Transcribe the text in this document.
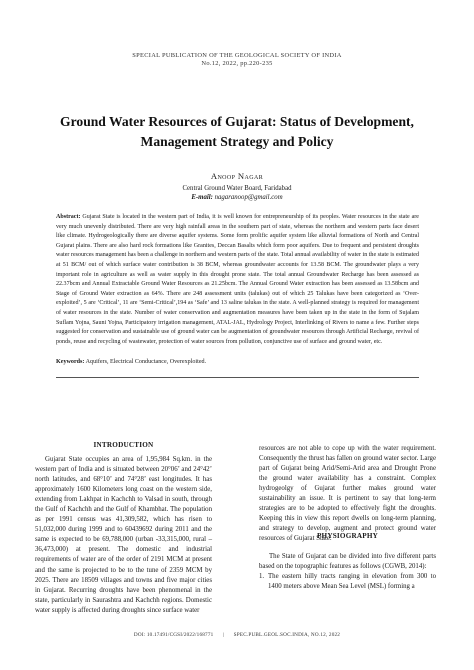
SPECIAL PUBLICATION OF THE GEOLOGICAL SOCIETY OF INDIA
No.12, 2022, pp.220-235
Ground Water Resources of Gujarat: Status of Development, Management Strategy and Policy
Anoop Nagar
Central Ground Water Board, Faridabad
E-mail: nagaranoop@gmail.com
Abstract: Gujarat State is located in the western part of India, it is well known for entrepreneurship of its peoples. Water resources in the state are very much unevenly distributed. There are very high rainfall areas in the southern part of state, whereas the northern and western parts face desert like climate. Hydrogeologically there are diverse aquifer systems. Some form prolific aquifer system like alluvial formations of North and Central Gujarat plains. There are also hard rock formations like Granites, Deccan Basalts which form poor aquifers. Due to frequent and persistent droughts water resources management has been a challenge in northern and western parts of the state. Total annual availability of water in the state is estimated at 51 BCM/ out of which surface water contribution is 38 BCM, whereas groundwater accounts for 13.58 BCM. The groundwater plays a very important role in agriculture as well as water supply in this drought prone state. The total annual Groundwater Recharge has been assessed as 22.37bcm and Annual Extractable Ground Water Resources as 21.25bcm. The Annual Ground Water extraction has been assessed as 13.58bcm and Stage of Ground Water extraction as 64%. There are 248 assessment units (talukas) out of which 25 Talukas have been categorized as ‘Over- exploited’, 5 are ‘Critical’, 11 are ‘Semi-Critical’,194 as ‘Safe’ and 13 saline talukas in the state. A well-planned strategy is required for management of water resources in the state. Number of water conservation and augmentation measures have been taken up in the state in the form of Sujalam Suflam Yojna, Sauni Yojna, Participatory irrigation management, ATAL-JAL, Hydrology Project, Interlinking of Rivers to name a few. Further steps suggested for conservation and sustainable use of ground water can be augmentation of groundwater resources through Artificial Recharge, revival of ponds, reuse and recycling of wastewater, protection of water sources from pollution, conjunctive use of surface and ground water, etc.
Keywords: Aquifers, Electrical Conductance, Overexploited.
INTRODUCTION
Gujarat State occupies an area of 1,95,984 Sq.km. in the western part of India and is situated between 20°06’ and 24°42’ north latitudes, and 68°10’ and 74°28’ east longitudes. It has approximately 1600 Kilometers long coast on the western side, extending from Lakhpat in Kachchh to Valsad in south, through the Gulf of Kachchh and the Gulf of Khambhat. The population as per 1991 census was 41,309,582, which has risen to 51,032,000 during 1999 and to 60439692 during 2011 and the same is expected to be 69,788,000 (urban -33,315,000, rural – 36,473,000) at present. The domestic and industrial requirements of water are of the order of 2191 MCM at present and the same is projected to be to the tune of 2359 MCM by 2025. There are 18509 villages and towns and five major cities in Gujarat. Recurring droughts have been phenomenal in the state, particularly in Saurashtra and Kachchh regions. Domestic water supply is affected during droughts since surface water
resources are not able to cope up with the water requirement. Consequently the thrust has fallen on ground water sector. Large part of Gujarat being Arid/Semi-Arid area and Drought Prone the ground water availability has a constraint. Complex hydrogeolgy of Gujarat further makes ground water sustainability an issue. It is pertinent to say that long-term strategies are to be adopted to effectively fight the droughts. Keeping this in view this report dwells on long-term planning, and strategy to develop, augment and protect ground water resources of Gujarat State.
PHYSIOGRAPHY
The State of Gujarat can be divided into five different parts based on the topographic features as follows (CGWB, 2014):
1. The eastern hilly tracts ranging in elevation from 300 to 1400 meters above Mean Sea Level (MSL) forming a
DOI: 10.17491/CGSI/2022/168771 | SPEC.PUBL.GEOL.SOC.INDIA, NO.12, 2022
